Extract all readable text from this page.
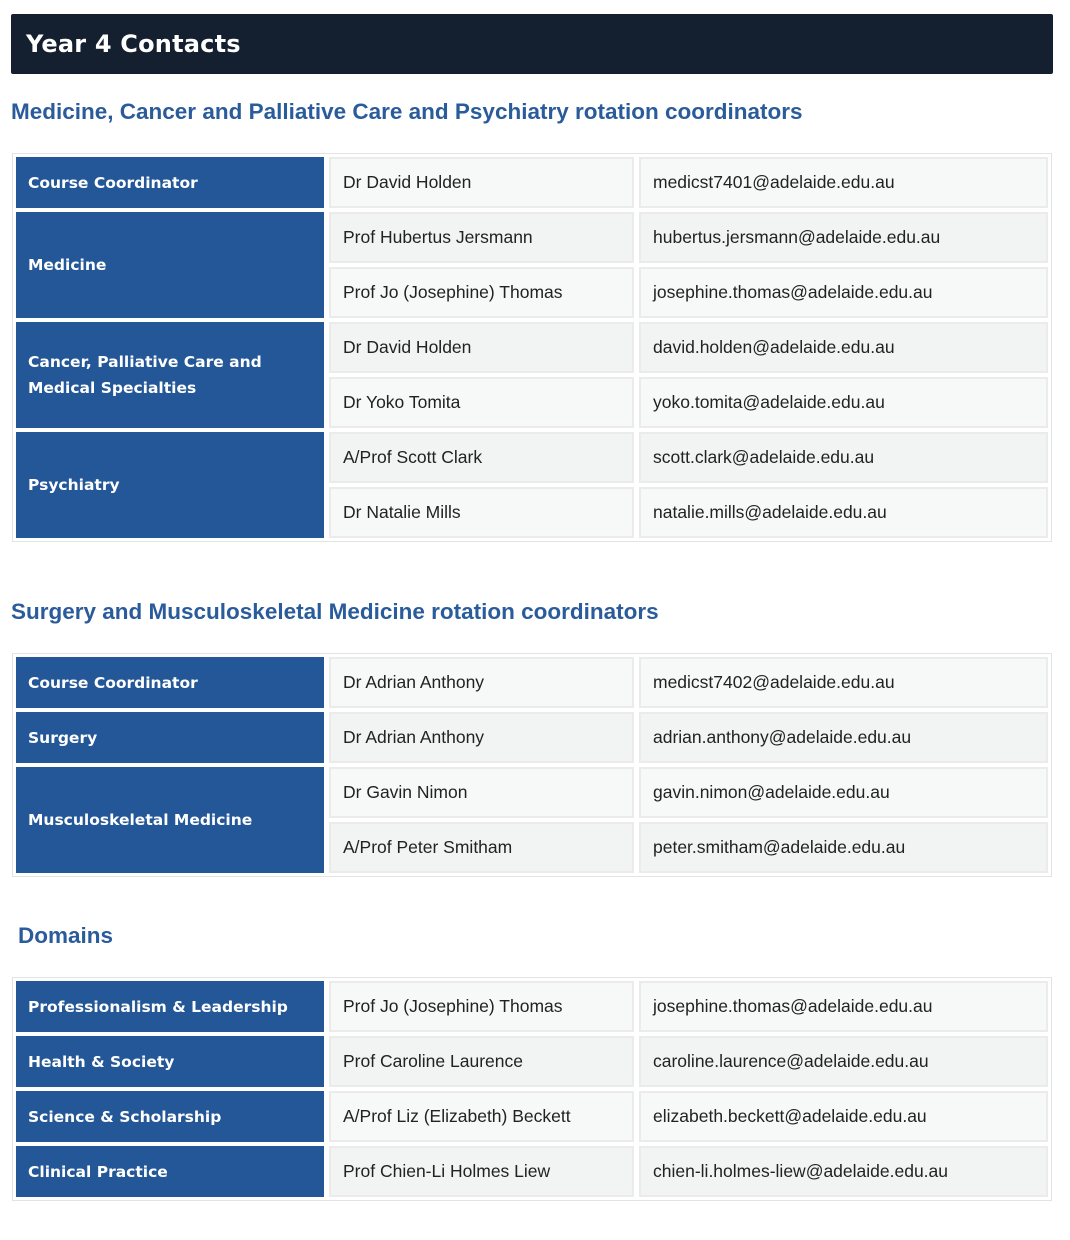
Year 4 Contacts
Medicine, Cancer and Palliative Care and Psychiatry rotation coordinators
Course Coordinator	Dr David Holden	medicst7401@adelaide.edu.au
Medicine	Prof Hubertus Jersmann	hubertus.jersmann@adelaide.edu.au
	Prof Jo (Josephine) Thomas	josephine.thomas@adelaide.edu.au
Cancer, Palliative Care and Medical Specialties	Dr David Holden	david.holden@adelaide.edu.au
	Dr Yoko Tomita	yoko.tomita@adelaide.edu.au
Psychiatry	A/Prof Scott Clark	scott.clark@adelaide.edu.au
	Dr Natalie Mills	natalie.mills@adelaide.edu.au
Surgery and Musculoskeletal Medicine rotation coordinators
Course Coordinator	Dr Adrian Anthony	medicst7402@adelaide.edu.au
Surgery	Dr Adrian Anthony	adrian.anthony@adelaide.edu.au
Musculoskeletal Medicine	Dr Gavin Nimon	gavin.nimon@adelaide.edu.au
	A/Prof Peter Smitham	peter.smitham@adelaide.edu.au
Domains
Professionalism & Leadership	Prof Jo (Josephine) Thomas	josephine.thomas@adelaide.edu.au
Health & Society	Prof Caroline Laurence	caroline.laurence@adelaide.edu.au
Science & Scholarship	A/Prof Liz (Elizabeth) Beckett	elizabeth.beckett@adelaide.edu.au
Clinical Practice	Prof Chien-Li Holmes Liew	chien-li.holmes-liew@adelaide.edu.au
